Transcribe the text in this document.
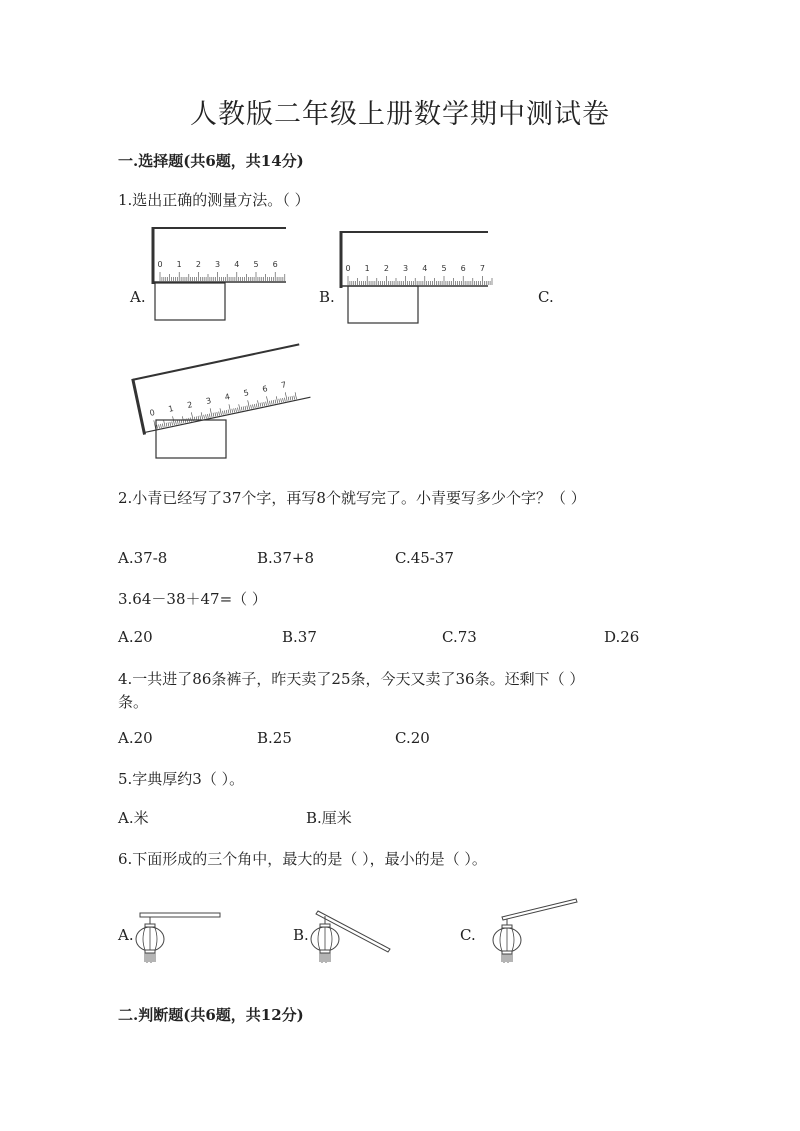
人教版二年级上册数学期中测试卷
一.选择题(共6题，共14分)
1.选出正确的测量方法。（ ）
A.
0 1 2 3 4 5 6
B.
0 1 2 3 4 5 6 7
C.
0 1 2 3 4 5 6 7
2.小青已经写了37个字，再写8个就写完了。小青要写多少个字？（ ）
A.37-8	B.37+8	C.45-37
3.64－38＋47=（ ）
A.20	B.37	C.73	D.26
4.一共进了86条裤子，昨天卖了25条，今天又卖了36条。还剩下（ ）
条。
A.20	B.25	C.20
5.字典厚约3（ ）。
A.米	B.厘米
6.下面形成的三个角中，最大的是（ ），最小的是（ ）。
A.	B.	C.
二.判断题(共6题，共12分)
